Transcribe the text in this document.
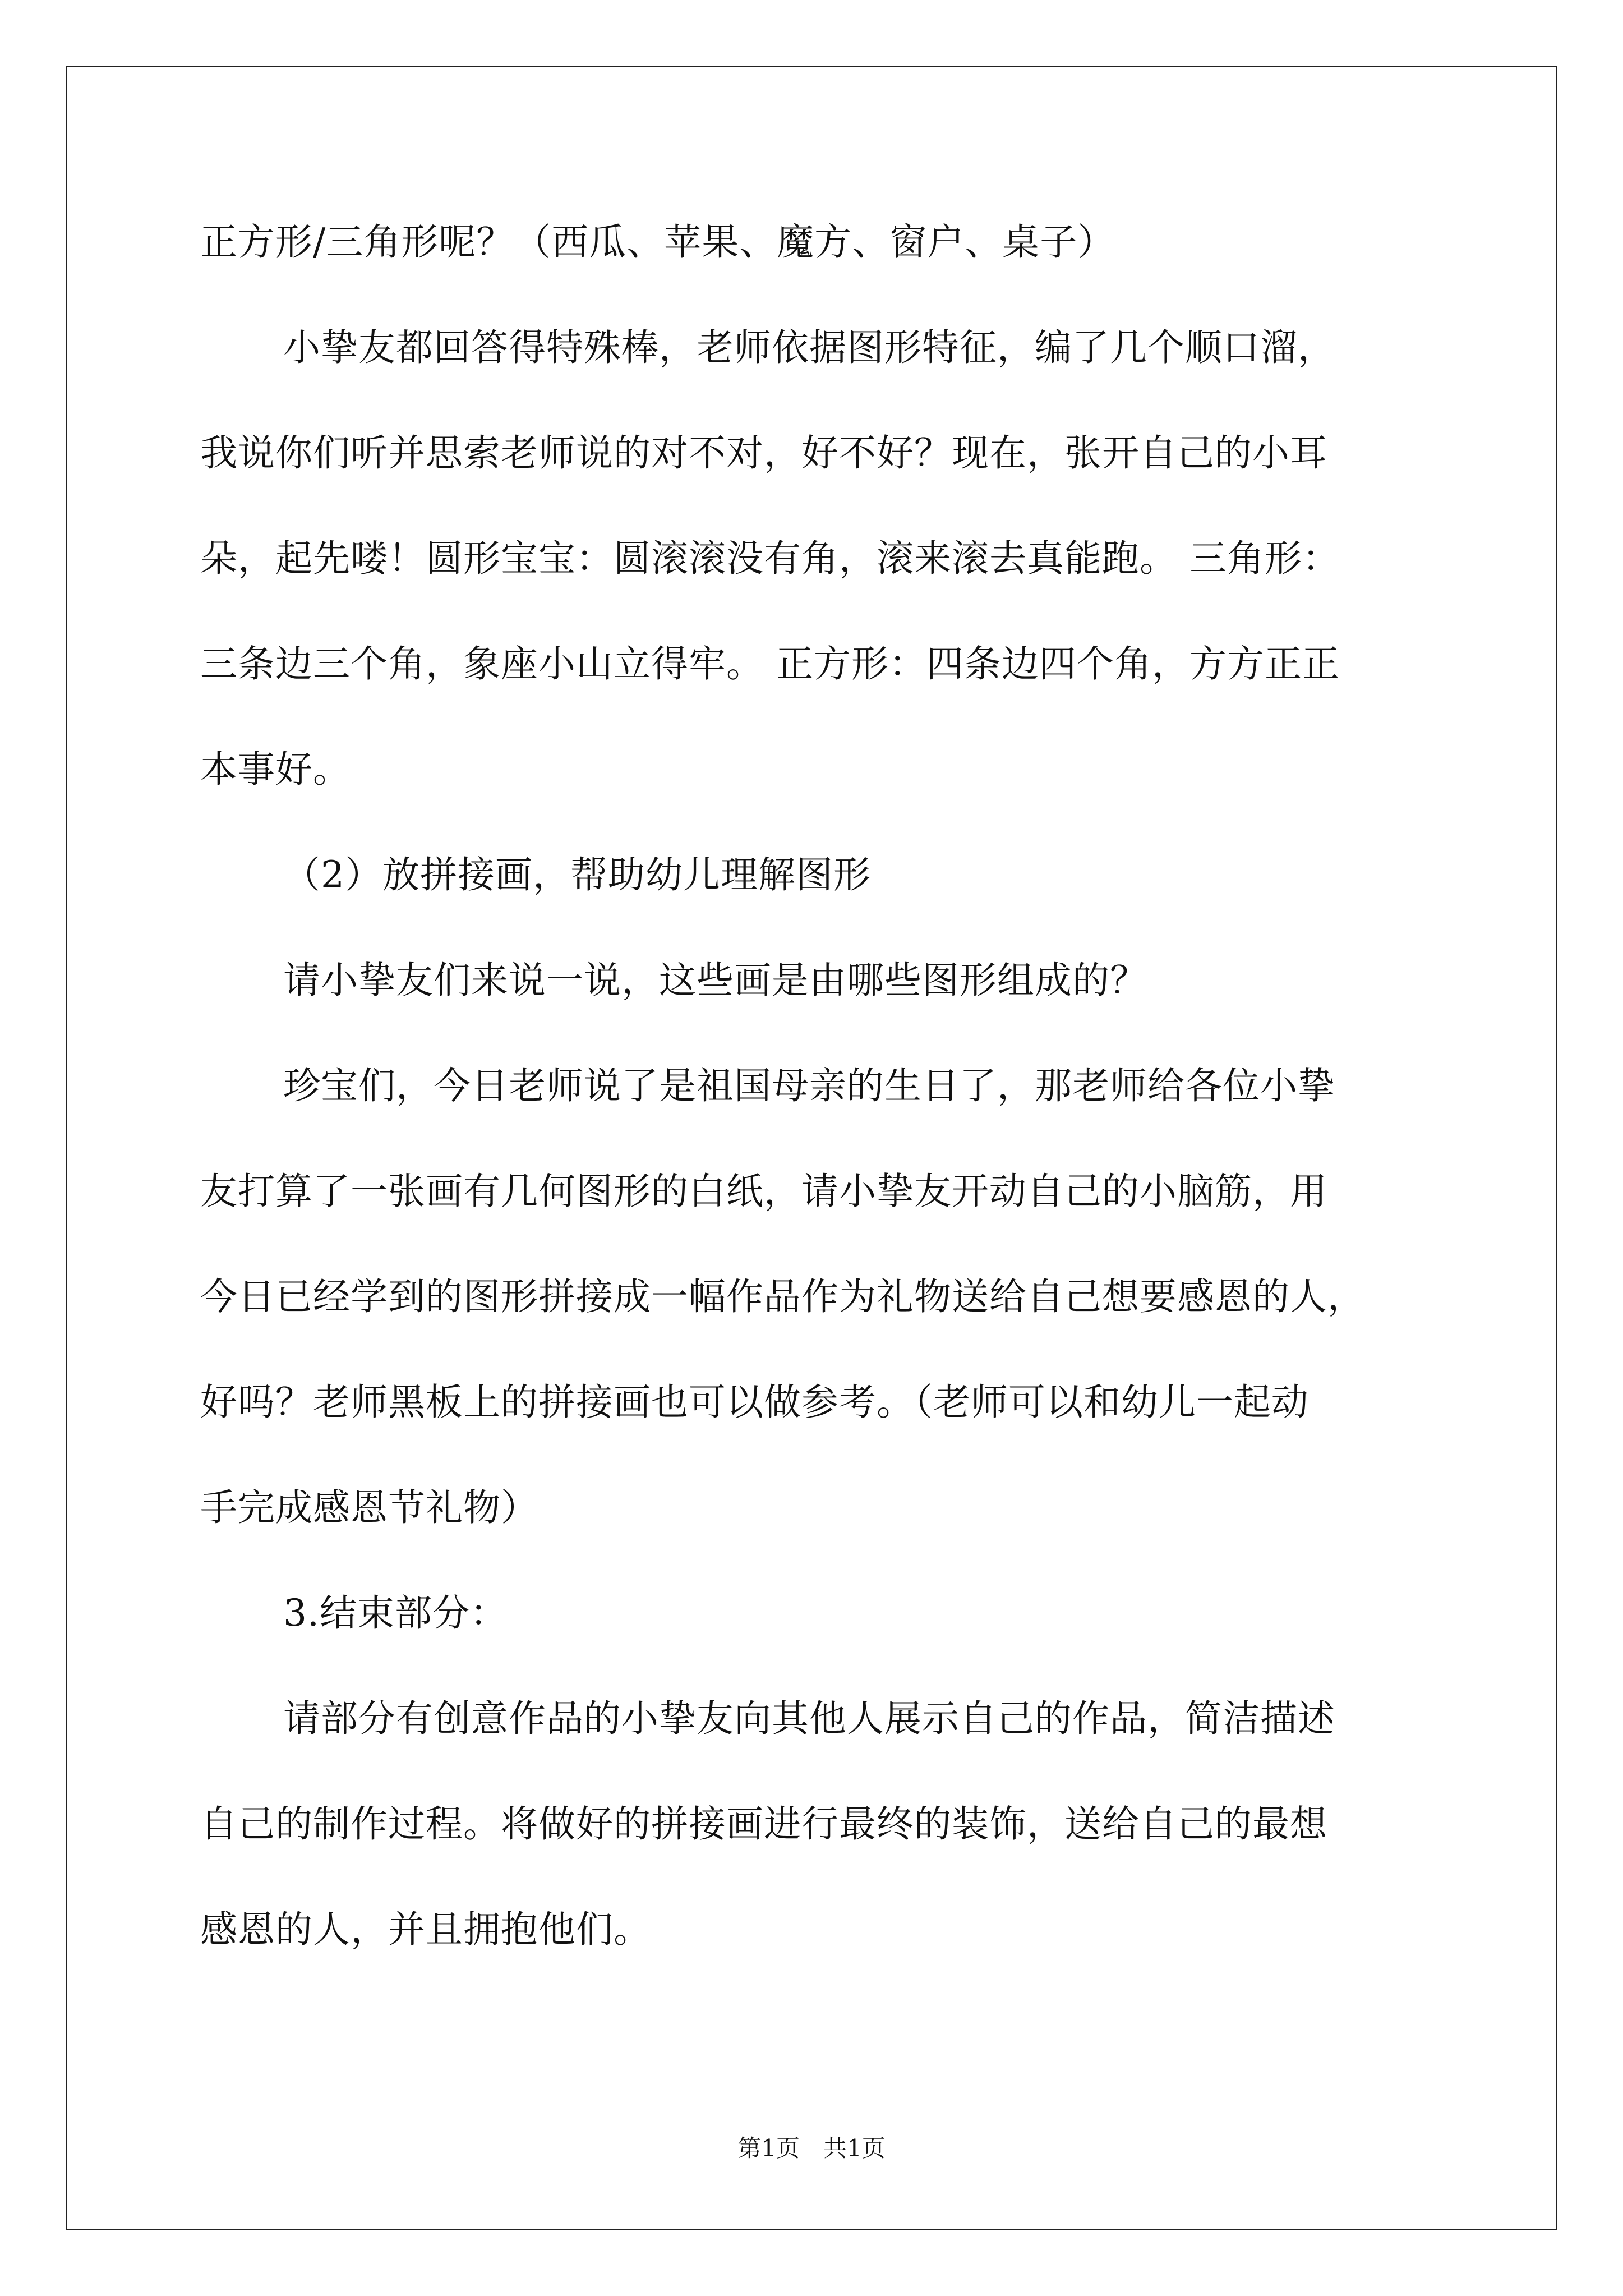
正方形/三角形呢？（西瓜、苹果、魔方、窗户、桌子）
小挚友都回答得特殊棒，老师依据图形特征，编了几个顺口溜，
我说你们听并思索老师说的对不对，好不好？现在，张开自己的小耳
朵，起先喽！圆形宝宝：圆滚滚没有角，滚来滚去真能跑。 三角形：
三条边三个角，象座小山立得牢。 正方形：四条边四个角，方方正正
本事好。
（2）放拼接画，帮助幼儿理解图形
请小挚友们来说一说，这些画是由哪些图形组成的？
珍宝们，今日老师说了是祖国母亲的生日了，那老师给各位小挚
友打算了一张画有几何图形的白纸，请小挚友开动自己的小脑筋，用
今日已经学到的图形拼接成一幅作品作为礼物送给自己想要感恩的人，
好吗？老师黑板上的拼接画也可以做参考。（老师可以和幼儿一起动
手完成感恩节礼物）
3.结束部分：
请部分有创意作品的小挚友向其他人展示自己的作品，简洁描述
自己的制作过程。将做好的拼接画进行最终的装饰，送给自己的最想
感恩的人，并且拥抱他们。
第1页　共1页
